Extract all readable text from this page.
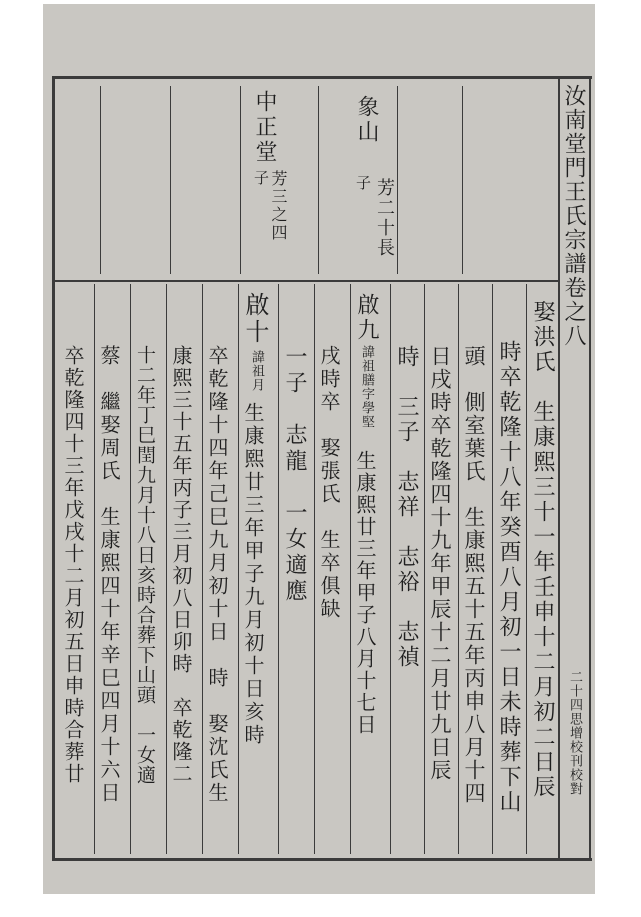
汝南堂門王氏宗譜卷之八
二十四思增校刊校對
象山
子 芳二十長
中正堂
子 芳三之四
娶洪氏　生康熙三十一年壬申十二月初二日辰
時卒乾隆十八年癸酉八月初一日未時葬下山
頭　側室葉氏　生康熙五十五年丙申八月十四
日戌時卒乾隆四十九年甲辰十二月廿九日辰
時　三子　志祥　志裕　志禎
啟九
諱祖膳字學堅
生康熙廿三年甲子八月十七日
戌時卒　娶張氏　生卒俱缺
一子　志龍　一女適應
啟十
諱祖月
生康熙廿三年甲子九月初十日亥時
卒乾隆十四年己巳九月初十日　時　娶沈氏生
康熙三十五年丙子三月初八日卯時　卒乾隆二
十二年丁巳閏九月十八日亥時合葬下山頭　一女適
蔡　繼娶周氏　生康熙四十年辛巳四月十六日
卒乾隆四十三年戊戌十二月初五日申時合葬廿
